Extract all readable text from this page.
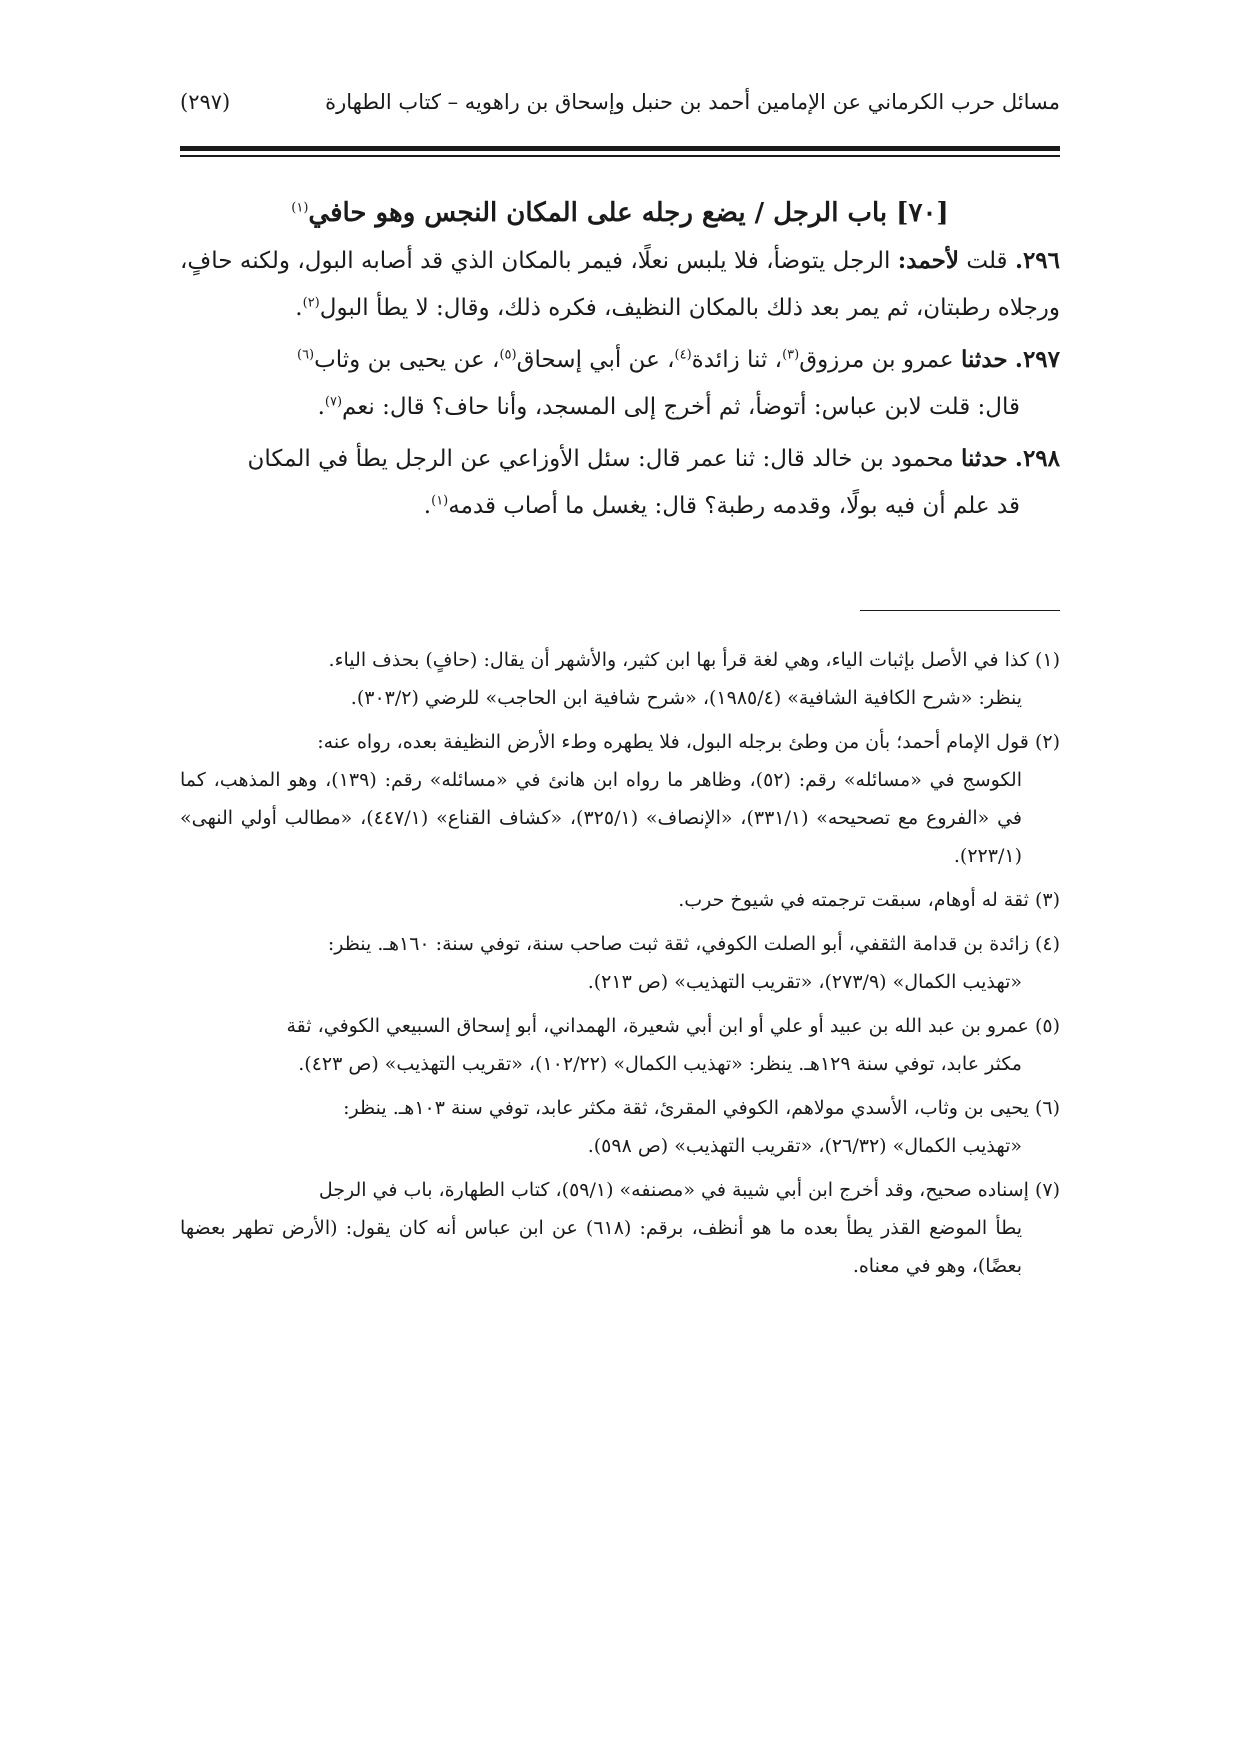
مسائل حرب الكرماني عن الإمامين أحمد بن حنبل وإسحاق بن راهويه – كتاب الطهارة
(٢٩٧)
[٧٠] باب الرجل / يضع رجله على المكان النجس وهو حافي$^{(١)}$
٢٩٦. قلت لأحمد: الرجل يتوضأ، فلا يلبس نعلًا، فيمر بالمكان الذي قد أصابه البول، ولكنه حافٍ، ورجلاه رطبتان، ثم يمر بعد ذلك بالمكان النظيف، فكره ذلك، وقال: لا يطأ البول$^{(٢)}$.
٢٩٧. حدثنا عمرو بن مرزوق$^{(٣)}$، ثنا زائدة$^{(٤)}$، عن أبي إسحاق$^{(٥)}$، عن يحيى بن وثاب$^{(٦)}$
قال: قلت لابن عباس: أتوضأ، ثم أخرج إلى المسجد، وأنا حاف؟ قال: نعم$^{(٧)}$.
٢٩٨. حدثنا محمود بن خالد قال: ثنا عمر قال: سئل الأوزاعي عن الرجل يطأ في المكان
قد علم أن فيه بولًا، وقدمه رطبة؟ قال: يغسل ما أصاب قدمه$^{(١)}$.
(١) كذا في الأصل بإثبات الياء، وهي لغة قرأ بها ابن كثير، والأشهر أن يقال: (حافٍ) بحذف الياء.
ينظر: «شرح الكافية الشافية» (١٩٨٥/٤)، «شرح شافية ابن الحاجب» للرضي (٣٠٣/٢).
(٢) قول الإمام أحمد؛ بأن من وطئ برجله البول، فلا يطهره وطء الأرض النظيفة بعده، رواه عنه:
الكوسج في «مسائله» رقم: (٥٢)، وظاهر ما رواه ابن هانئ في «مسائله» رقم: (١٣٩)، وهو المذهب، كما في «الفروع مع تصحيحه» (٣٣١/١)، «الإنصاف» (٣٢٥/١)، «كشاف القناع» (٤٤٧/١)، «مطالب أولي النهى» (٢٢٣/١).
(٣) ثقة له أوهام، سبقت ترجمته في شيوخ حرب.
(٤) زائدة بن قدامة الثقفي، أبو الصلت الكوفي، ثقة ثبت صاحب سنة، توفي سنة: ١٦٠هـ. ينظر:
«تهذيب الكمال» (٢٧٣/٩)، «تقريب التهذيب» (ص ٢١٣).
(٥) عمرو بن عبد الله بن عبيد أو علي أو ابن أبي شعيرة، الهمداني، أبو إسحاق السبيعي الكوفي، ثقة
مكثر عابد، توفي سنة ١٢٩هـ. ينظر: «تهذيب الكمال» (١٠٢/٢٢)، «تقريب التهذيب» (ص ٤٢٣).
(٦) يحيى بن وثاب، الأسدي مولاهم، الكوفي المقرئ، ثقة مكثر عابد، توفي سنة ١٠٣هـ. ينظر:
«تهذيب الكمال» (٢٦/٣٢)، «تقريب التهذيب» (ص ٥٩٨).
(٧) إسناده صحيح، وقد أخرج ابن أبي شيبة في «مصنفه» (٥٩/١)، كتاب الطهارة، باب في الرجل
يطأ الموضع القذر يطأ بعده ما هو أنظف، برقم: (٦١٨) عن ابن عباس أنه كان يقول: (الأرض تطهر بعضها بعضًا)، وهو في معناه.
